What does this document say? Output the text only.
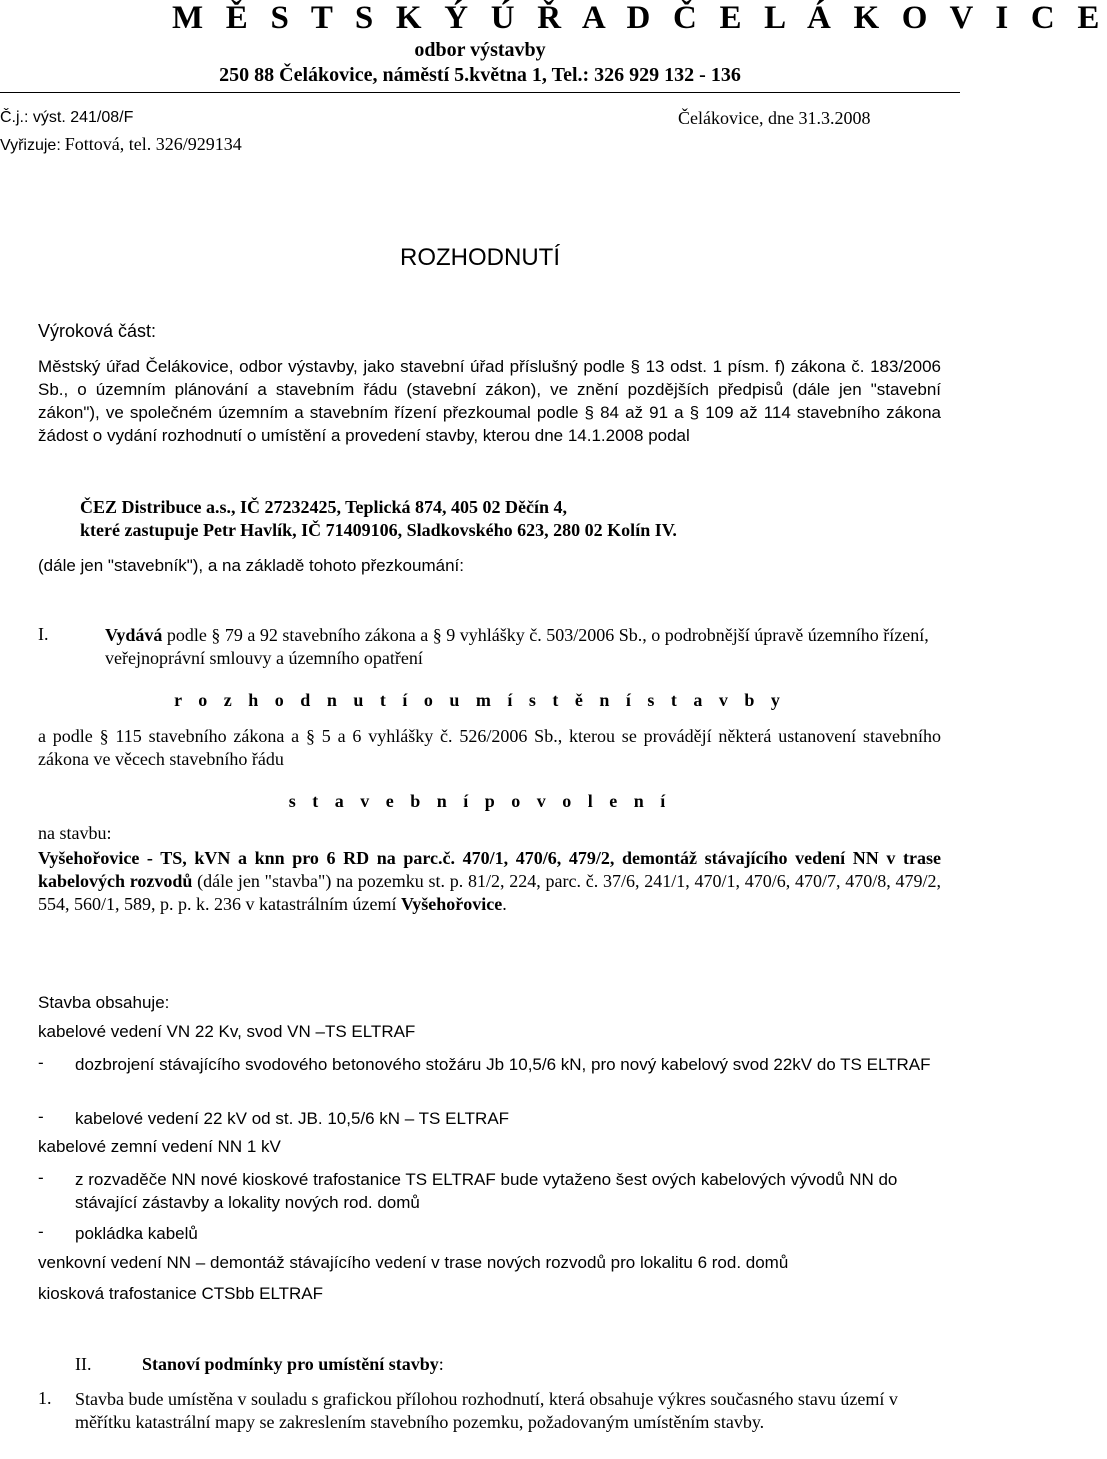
M Ě S T S K Ý Ú Ř A D Č E L Á K O V I C E
odbor výstavby
250 88 Čelákovice, náměstí 5.května 1, Tel.: 326 929 132 - 136
Č.j.: výst. 241/08/F
Vyřizuje: Fottová, tel. 326/929134
Čelákovice, dne 31.3.2008
ROZHODNUTÍ
Výroková část:
Městský úřad Čelákovice, odbor výstavby, jako stavební úřad příslušný podle § 13 odst. 1 písm. f) zákona č. 183/2006 Sb., o územním plánování a stavebním řádu (stavební zákon), ve znění pozdějších předpisů (dále jen "stavební zákon"), ve společném územním a stavebním řízení přezkoumal podle § 84 až 91 a § 109 až 114 stavebního zákona žádost o vydání rozhodnutí o umístění a provedení stavby, kterou dne 14.1.2008 podal
ČEZ Distribuce a.s., IČ 27232425, Teplická 874, 405 02 Děčín 4,
které zastupuje Petr Havlík, IČ 71409106, Sladkovského 623, 280 02 Kolín IV.
(dále jen "stavebník"), a na základě tohoto přezkoumání:
I.	Vydává podle § 79 a 92 stavebního zákona a § 9 vyhlášky č. 503/2006 Sb., o podrobnější úpravě územního řízení, veřejnoprávní smlouvy a územního opatření
r o z h o d n u t í o u m í s t ě n í s t a v b y
a podle § 115 stavebního zákona a § 5 a 6 vyhlášky č. 526/2006 Sb., kterou se provádějí některá ustanovení stavebního zákona ve věcech stavebního řádu
s t a v e b n í p o v o l e n í
na stavbu:
Vyšehořovice - TS, kVN a knn pro 6 RD na parc.č. 470/1, 470/6, 479/2, demontáž stávajícího vedení NN v trase kabelových rozvodů (dále jen "stavba") na pozemku st. p. 81/2, 224, parc. č. 37/6, 241/1, 470/1, 470/6, 470/7, 470/8, 479/2, 554, 560/1, 589, p. p. k. 236 v katastrálním území Vyšehořovice.
Stavba obsahuje:
kabelové vedení VN 22 Kv, svod VN –TS ELTRAF
- dozbrojení stávajícího svodového betonového stožáru Jb 10,5/6 kN, pro nový kabelový svod 22kV do TS ELTRAF
- kabelové vedení 22 kV od st. JB. 10,5/6 kN – TS ELTRAF
kabelové zemní vedení NN 1 kV
- z rozvaděče NN nové kioskové trafostanice TS ELTRAF bude vytaženo šest ových kabelových vývodů NN do stávající zástavby a lokality nových rod. domů
- pokládka kabelů
venkovní vedení NN – demontáž stávajícího vedení v trase nových rozvodů pro lokalitu 6 rod. domů
kiosková trafostanice CTSbb ELTRAF
II.	Stanoví podmínky pro umístění stavby:
1. Stavba bude umístěna v souladu s grafickou přílohou rozhodnutí, která obsahuje výkres současného stavu území v měřítku katastrální mapy se zakreslením stavebního pozemku, požadovaným umístěním stavby.
